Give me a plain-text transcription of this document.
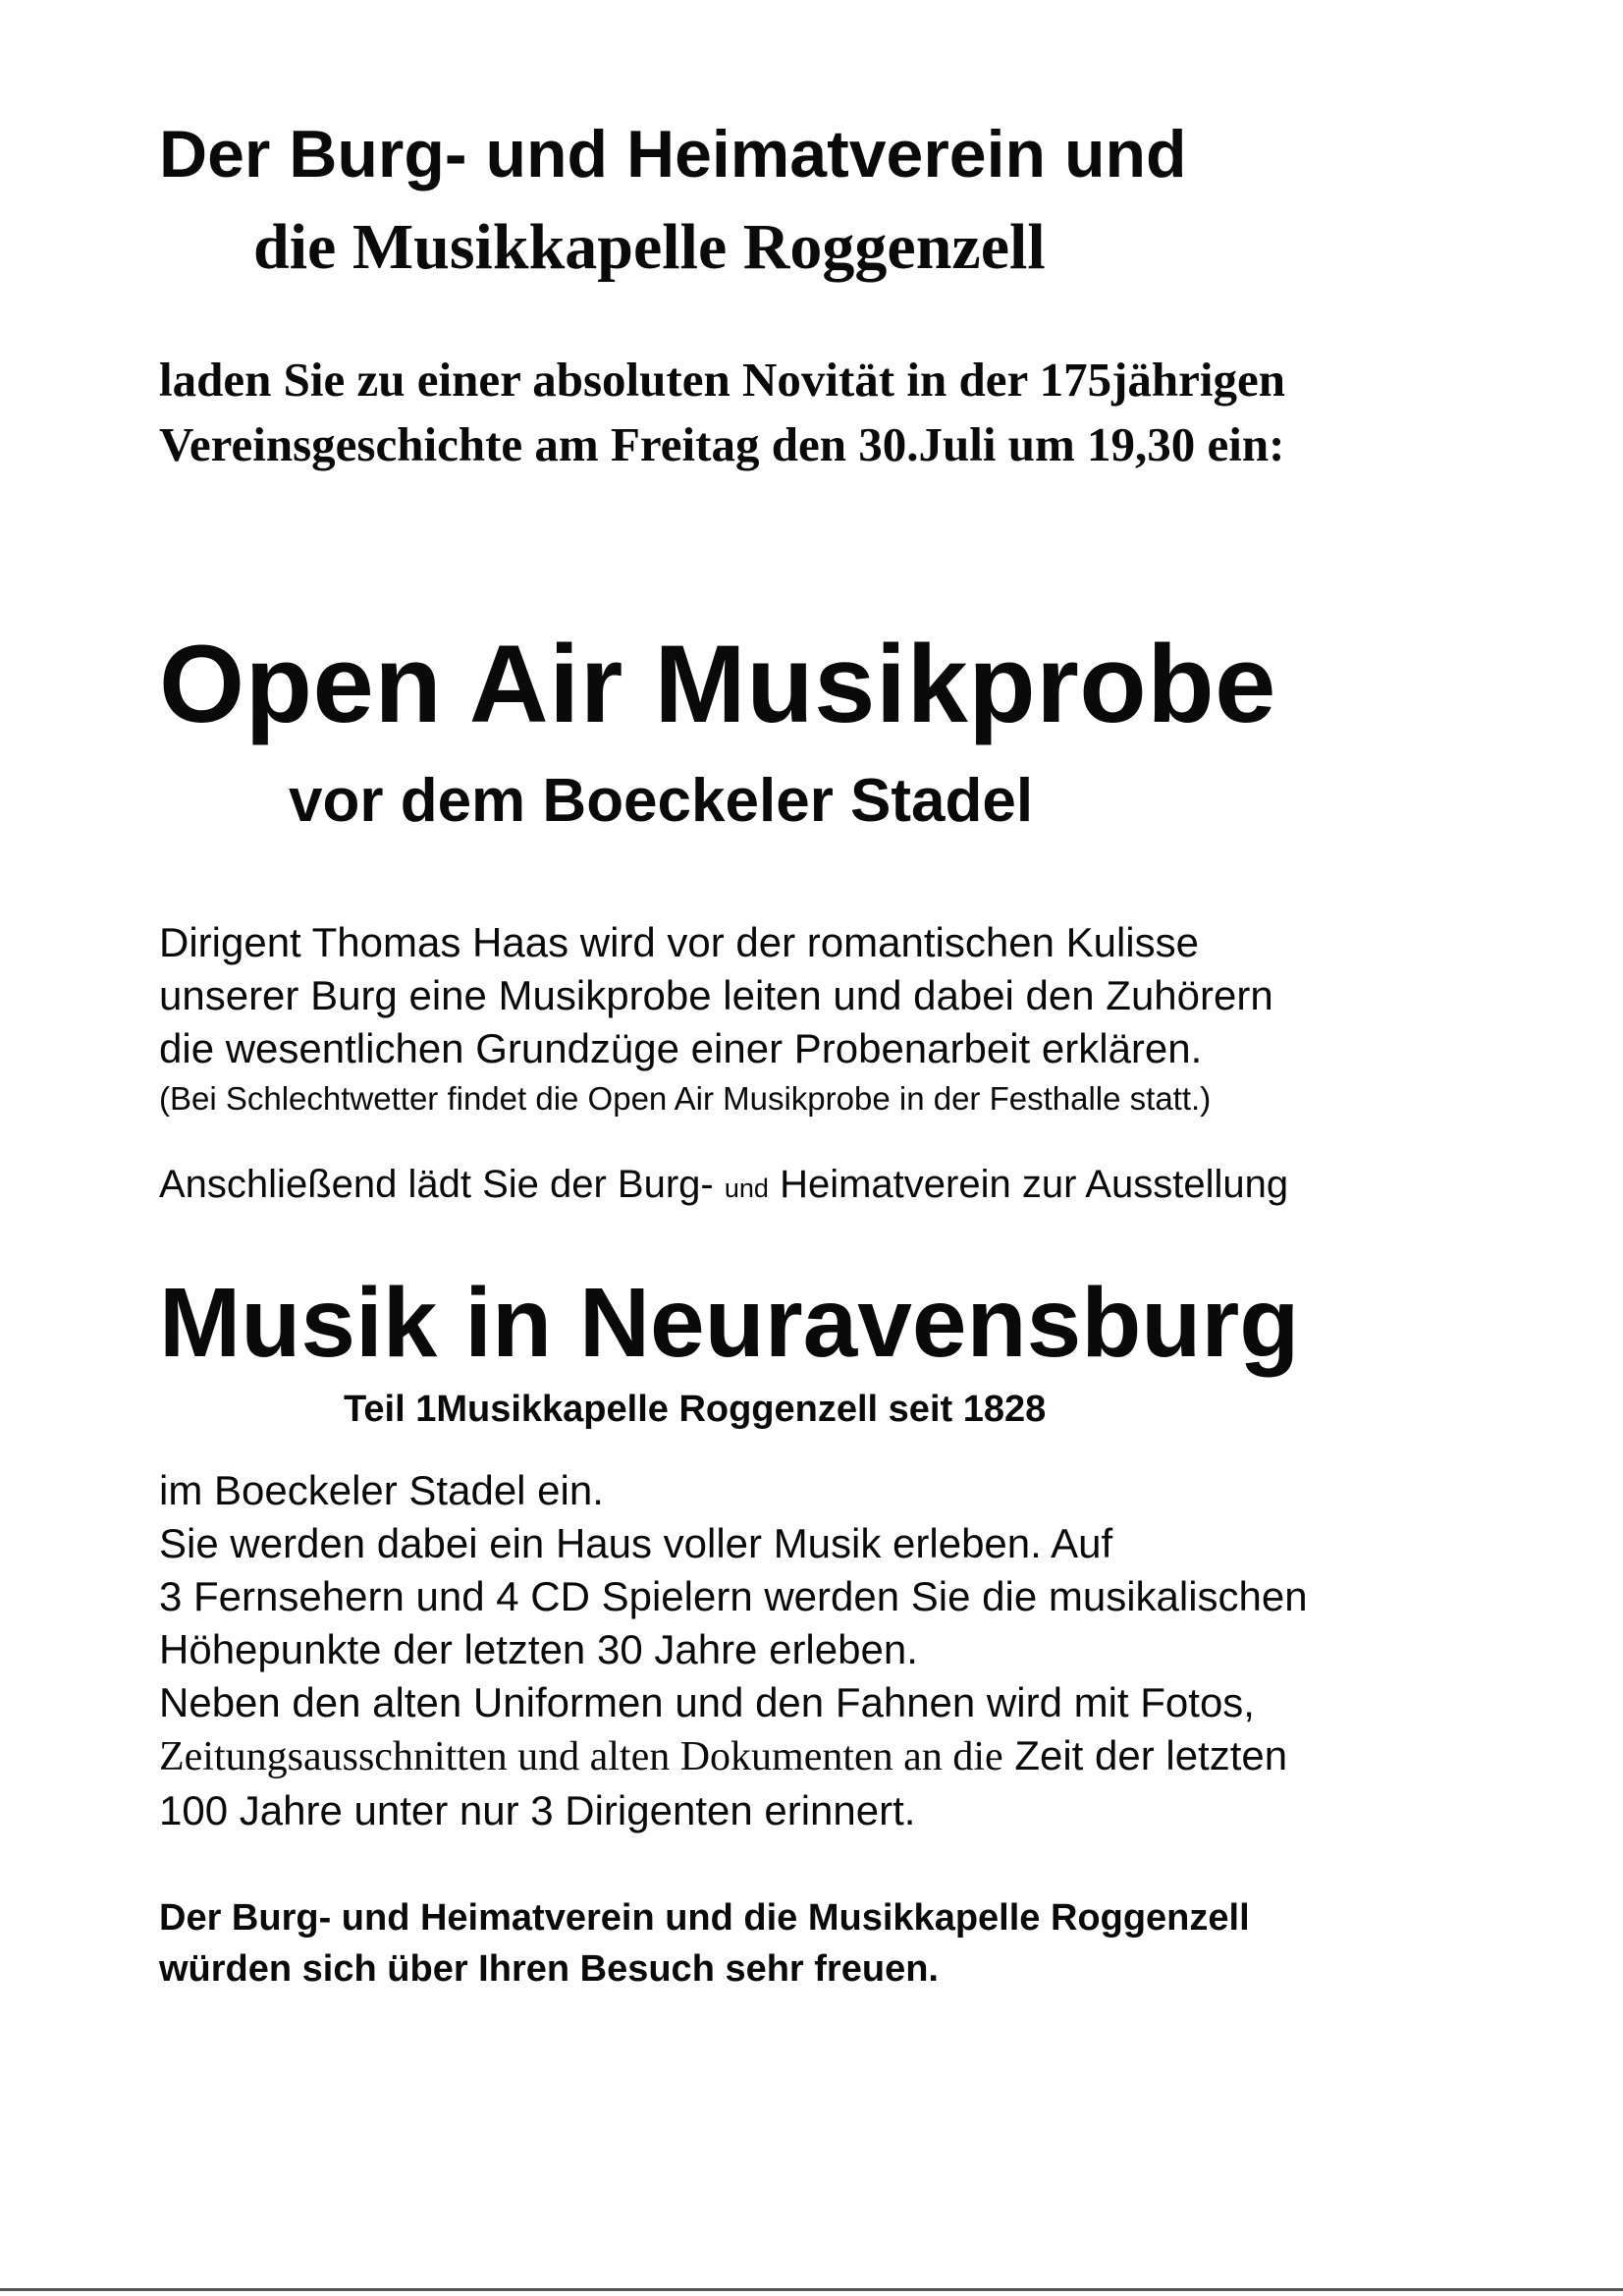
Der Burg- und Heimatverein und
die Musikkapelle Roggenzell

laden Sie zu einer absoluten Novität in der 175jährigen

Vereinsgeschichte am Freitag den 30.Juli um 19,30 ein:

Open Air Musikprobe
vor dem Boeckeler Stadel

Dirigent Thomas Haas wird vor der romantischen Kulisse

unserer Burg eine Musikprobe leiten und dabei den Zuhörern

die wesentlichen Grundzüge einer Probenarbeit erklären.

(Bei Schlechtwetter findet die Open Air Musikprobe in der Festhalle statt.)

Anschließend lädt Sie der Burg- und Heimatverein zur Ausstellung

Musik in Neuravensburg
Teil 1Musikkapelle Roggenzell seit 1828

im Boeckeler Stadel ein.

Sie werden dabei ein Haus voller Musik erleben. Auf

3 Fernsehern und 4 CD Spielern werden Sie die musikalischen

Höhepunkte der letzten 30 Jahre erleben.

Neben den alten Uniformen und den Fahnen wird mit Fotos,

Zeitungsausschnitten und alten Dokumenten an die Zeit der letzten

100 Jahre unter nur 3 Dirigenten erinnert.

Der Burg- und Heimatverein und die Musikkapelle Roggenzell

würden sich über Ihren Besuch sehr freuen.
